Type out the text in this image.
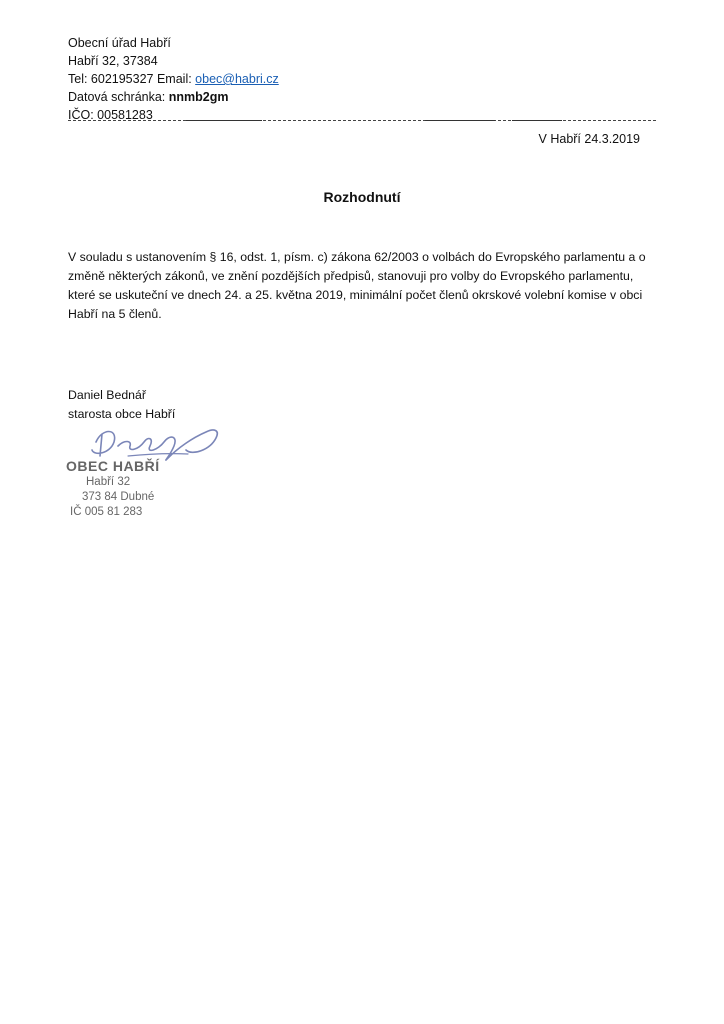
Obecní úřad Habří
Habří 32, 37384
Tel: 602195327 Email: obec@habri.cz
Datová schránka: nnmb2gm
IČO: 00581283
V Habří 24.3.2019
Rozhodnutí
V souladu s ustanovením § 16, odst. 1, písm. c) zákona 62/2003 o volbách do Evropského parlamentu a o
změně některých zákonů, ve znění pozdějších předpisů, stanovuji pro volby do Evropského parlamentu,
které se uskuteční ve dnech 24. a 25. května 2019, minimální počet členů okrskové volební komise v obci
Habří na 5 členů.
Daniel Bednář
starosta obce Habří
OBEC HABŘÍ
Habří 32
373 84 Dubné
IČ 005 81 283
